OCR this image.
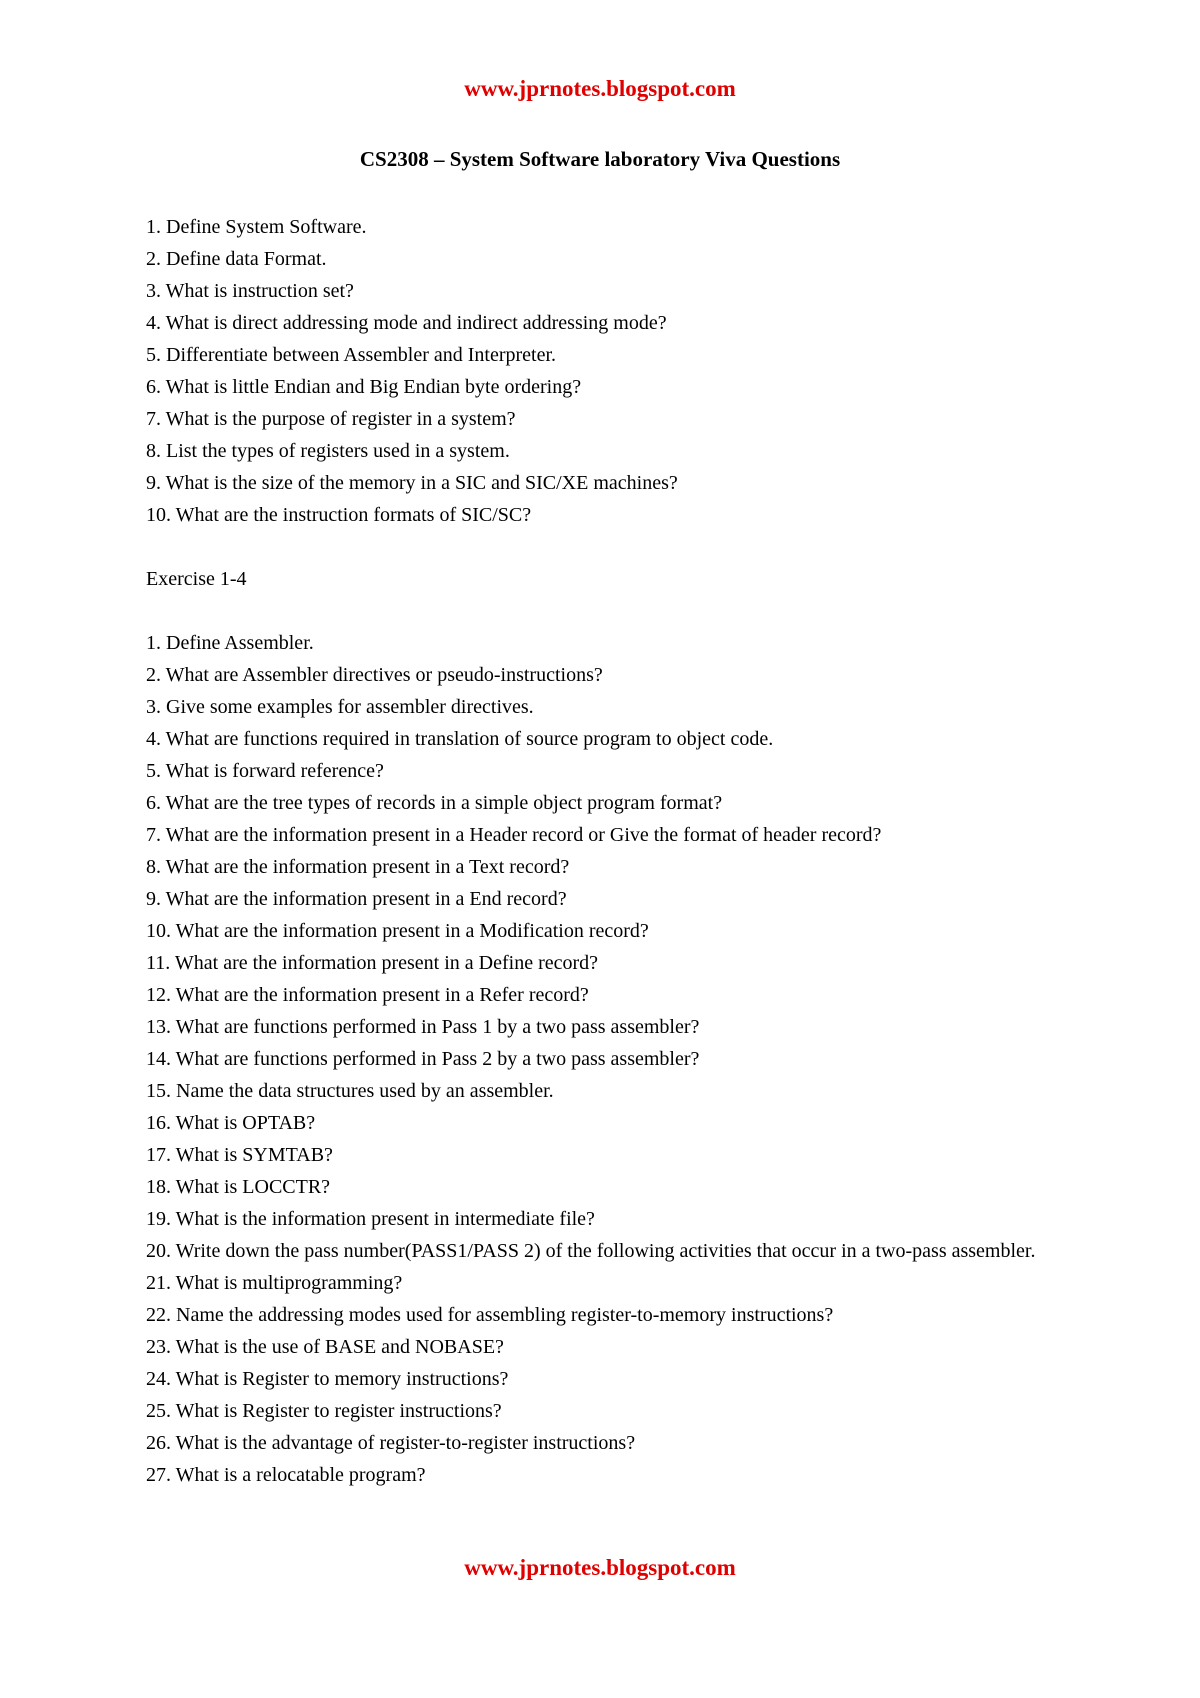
www.jprnotes.blogspot.com
CS2308 – System Software laboratory Viva Questions
1. Define System Software.
2. Define data Format.
3. What is instruction set?
4. What is direct addressing mode and indirect addressing mode?
5. Differentiate between Assembler and Interpreter.
6. What is little Endian and Big Endian byte ordering?
7. What is the purpose of register in a system?
8. List the types of registers used in a system.
9. What is the size of the memory in a SIC and SIC/XE machines?
10. What are the instruction formats of SIC/SC?
Exercise 1-4
1. Define Assembler.
2. What are Assembler directives or pseudo-instructions?
3. Give some examples for assembler directives.
4. What are functions required in translation of source program to object code.
5. What is forward reference?
6. What are the tree types of records in a simple object program format?
7. What are the information present in a Header record or Give the format of header record?
8. What are the information present in a Text record?
9. What are the information present in a End record?
10. What are the information present in a Modification record?
11. What are the information present in a Define record?
12. What are the information present in a Refer record?
13. What are functions performed in Pass 1 by a two pass assembler?
14. What are functions performed in Pass 2 by a two pass assembler?
15. Name the data structures used by an assembler.
16. What is OPTAB?
17. What is SYMTAB?
18. What is LOCCTR?
19. What is the information present in intermediate file?
20. Write down the pass number(PASS1/PASS 2) of the following activities that occur in a two-pass assembler.
21. What is multiprogramming?
22. Name the addressing modes used for assembling register-to-memory instructions?
23. What is the use of BASE and NOBASE?
24. What is Register to memory instructions?
25. What is Register to register instructions?
26. What is the advantage of register-to-register instructions?
27. What is a relocatable program?
www.jprnotes.blogspot.com
